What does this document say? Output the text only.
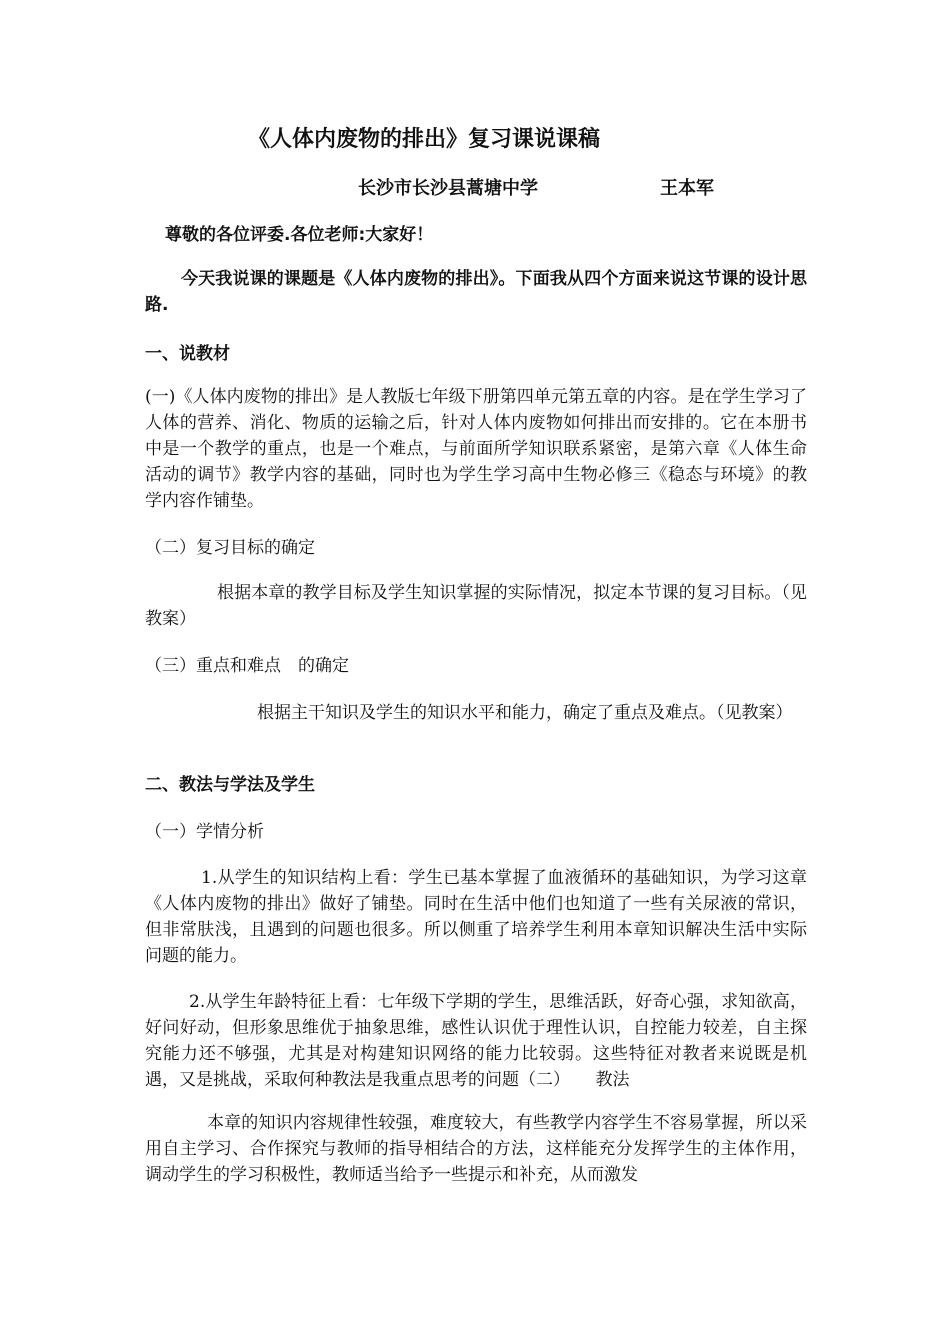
《人体内废物的排出》复习课说课稿
长沙市长沙县蒿塘中学	王本军
尊敬的各位评委.各位老师:大家好！

今天我说课的课题是《人体内废物的排出》。下面我从四个方面来说这节课的设计思路.

一、说教材

(一)《人体内废物的排出》是人教版七年级下册第四单元第五章的内容。是在学生学习了人体的营养、消化、物质的运输之后，针对人体内废物如何排出而安排的。它在本册书中是一个教学的重点，也是一个难点，与前面所学知识联系紧密，是第六章《人体生命活动的调节》教学内容的基础，同时也为学生学习高中生物必修三《稳态与环境》的教学内容作铺垫。

（二）复习目标的确定

根据本章的教学目标及学生知识掌握的实际情况，拟定本节课的复习目标。（见教案）

（三）重点和难点　的确定

根据主干知识及学生的知识水平和能力，确定了重点及难点。（见教案）

二、教法与学法及学生

（一）学情分析

1.从学生的知识结构上看：学生已基本掌握了血液循环的基础知识，为学习这章《人体内废物的排出》做好了铺垫。同时在生活中他们也知道了一些有关尿液的常识，但非常肤浅，且遇到的问题也很多。所以侧重了培养学生利用本章知识解决生活中实际问题的能力。

2.从学生年龄特征上看：七年级下学期的学生，思维活跃，好奇心强，求知欲高，好问好动，但形象思维优于抽象思维，感性认识优于理性认识，自控能力较差，自主探究能力还不够强，尤其是对构建知识网络的能力比较弱。这些特征对教者来说既是机遇，又是挑战，采取何种教法是我重点思考的问题（二）　　教法

本章的知识内容规律性较强，难度较大，有些教学内容学生不容易掌握，所以采用自主学习、合作探究与教师的指导相结合的方法，这样能充分发挥学生的主体作用，调动学生的学习积极性，教师适当给予一些提示和补充，从而激发
